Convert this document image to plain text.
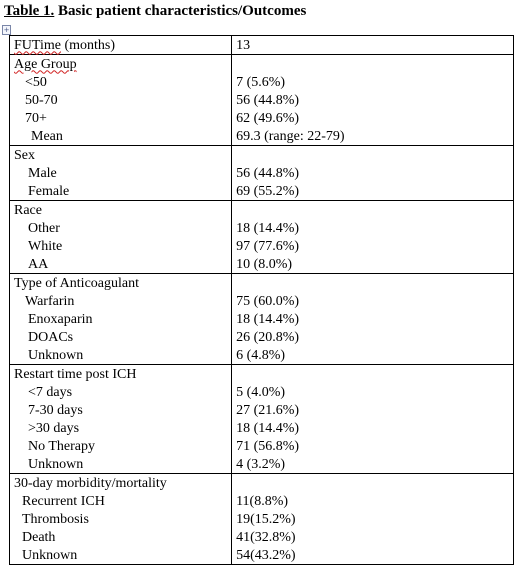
Table 1. Basic patient characteristics/Outcomes
+
FUTime (months)	13
Age Group	
<50	7 (5.6%)
50-70	56 (44.8%)
70+	62 (49.6%)
Mean	69.3 (range: 22-79)
Sex	
Male	56 (44.8%)
Female	69 (55.2%)
Race	
Other	18 (14.4%)
White	97 (77.6%)
AA	10 (8.0%)
Type of Anticoagulant	
Warfarin	75 (60.0%)
Enoxaparin	18 (14.4%)
DOACs	26 (20.8%)
Unknown	6 (4.8%)
Restart time post ICH	
<7 days	5 (4.0%)
7-30 days	27 (21.6%)
>30 days	18 (14.4%)
No Therapy	71 (56.8%)
Unknown	4 (3.2%)
30-day morbidity/mortality	
Recurrent ICH	11(8.8%)
Thrombosis	19(15.2%)
Death	41(32.8%)
Unknown	54(43.2%)
